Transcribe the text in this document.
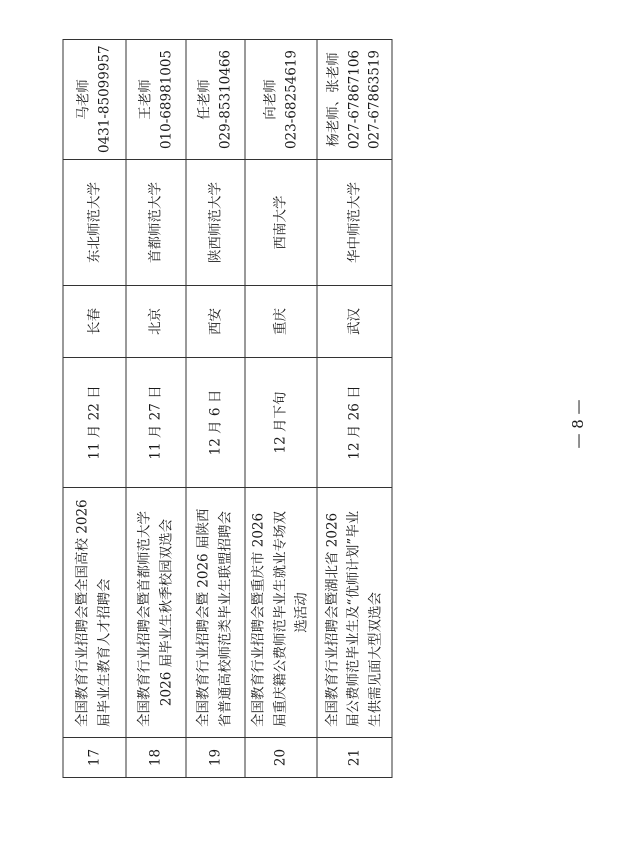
— 8 —
17	全国教育行业招聘会暨全国高校 2026 届毕业生教育人才招聘会	11 月 22 日	长春	东北师范大学	马老师 0431-85099957

18	全国教育行业招聘会暨首都师范大学 2026 届毕业生秋季校园双选会	11 月 27 日	北京	首都师范大学	王老师 010-68981005

19	全国教育行业招聘会暨 2026 届陕西 省普通高校师范类毕业生联盟招聘会	12 月 6 日	西安	陕西师范大学	任老师 029-85310466

20	全国教育行业招聘会暨重庆市 2026 届重庆籍公费师范毕业生就业专场双 选活动	12 月下旬	重庆	西南大学	向老师 023-68254619

21	全国教育行业招聘会暨湖北省 2026 届公费师范毕业生及“优师计划”毕业 生供需见面大型双选会	12 月 26 日	武汉	华中师范大学	杨老师、张老师 027-67867106 027-67863519
